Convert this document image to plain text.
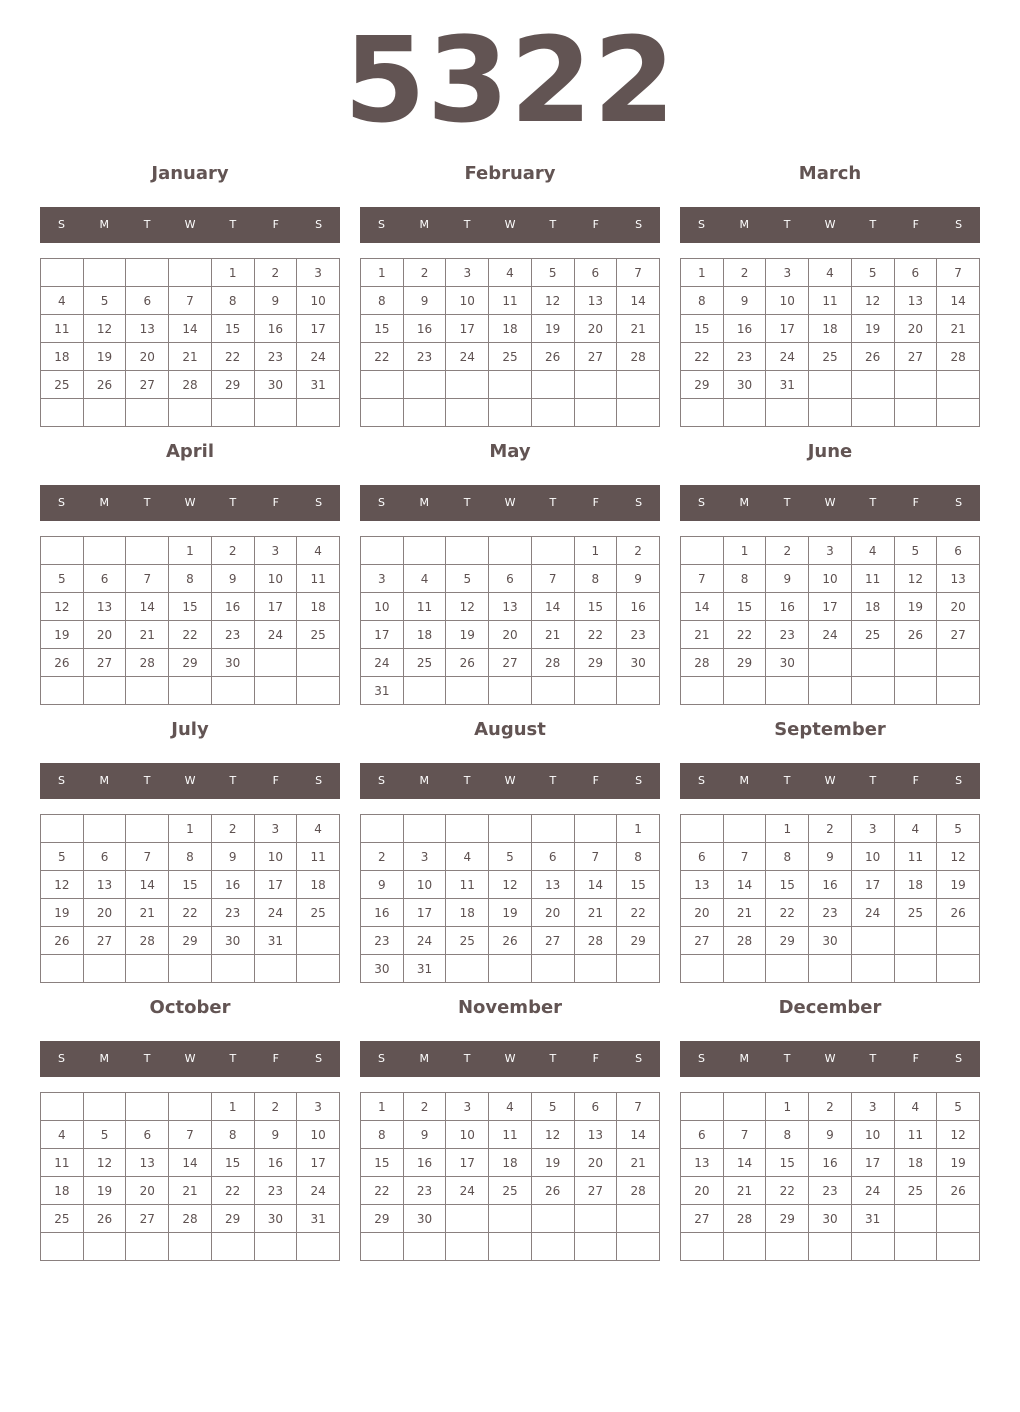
5322
January
S	M	T	W	T	F	S
				1	2	3
4	5	6	7	8	9	10
11	12	13	14	15	16	17
18	19	20	21	22	23	24
25	26	27	28	29	30	31

February
S	M	T	W	T	F	S
1	2	3	4	5	6	7
8	9	10	11	12	13	14
15	16	17	18	19	20	21
22	23	24	25	26	27	28

March
S	M	T	W	T	F	S
1	2	3	4	5	6	7
8	9	10	11	12	13	14
15	16	17	18	19	20	21
22	23	24	25	26	27	28
29	30	31				

April
S	M	T	W	T	F	S
			1	2	3	4
5	6	7	8	9	10	11
12	13	14	15	16	17	18
19	20	21	22	23	24	25
26	27	28	29	30		

May
S	M	T	W	T	F	S
					1	2
3	4	5	6	7	8	9
10	11	12	13	14	15	16
17	18	19	20	21	22	23
24	25	26	27	28	29	30
31						
June
S	M	T	W	T	F	S
	1	2	3	4	5	6
7	8	9	10	11	12	13
14	15	16	17	18	19	20
21	22	23	24	25	26	27
28	29	30				

July
S	M	T	W	T	F	S
			1	2	3	4
5	6	7	8	9	10	11
12	13	14	15	16	17	18
19	20	21	22	23	24	25
26	27	28	29	30	31	

August
S	M	T	W	T	F	S
						1
2	3	4	5	6	7	8
9	10	11	12	13	14	15
16	17	18	19	20	21	22
23	24	25	26	27	28	29
30	31					
September
S	M	T	W	T	F	S
		1	2	3	4	5
6	7	8	9	10	11	12
13	14	15	16	17	18	19
20	21	22	23	24	25	26
27	28	29	30			

October
S	M	T	W	T	F	S
				1	2	3
4	5	6	7	8	9	10
11	12	13	14	15	16	17
18	19	20	21	22	23	24
25	26	27	28	29	30	31

November
S	M	T	W	T	F	S
1	2	3	4	5	6	7
8	9	10	11	12	13	14
15	16	17	18	19	20	21
22	23	24	25	26	27	28
29	30					

December
S	M	T	W	T	F	S
		1	2	3	4	5
6	7	8	9	10	11	12
13	14	15	16	17	18	19
20	21	22	23	24	25	26
27	28	29	30	31		
